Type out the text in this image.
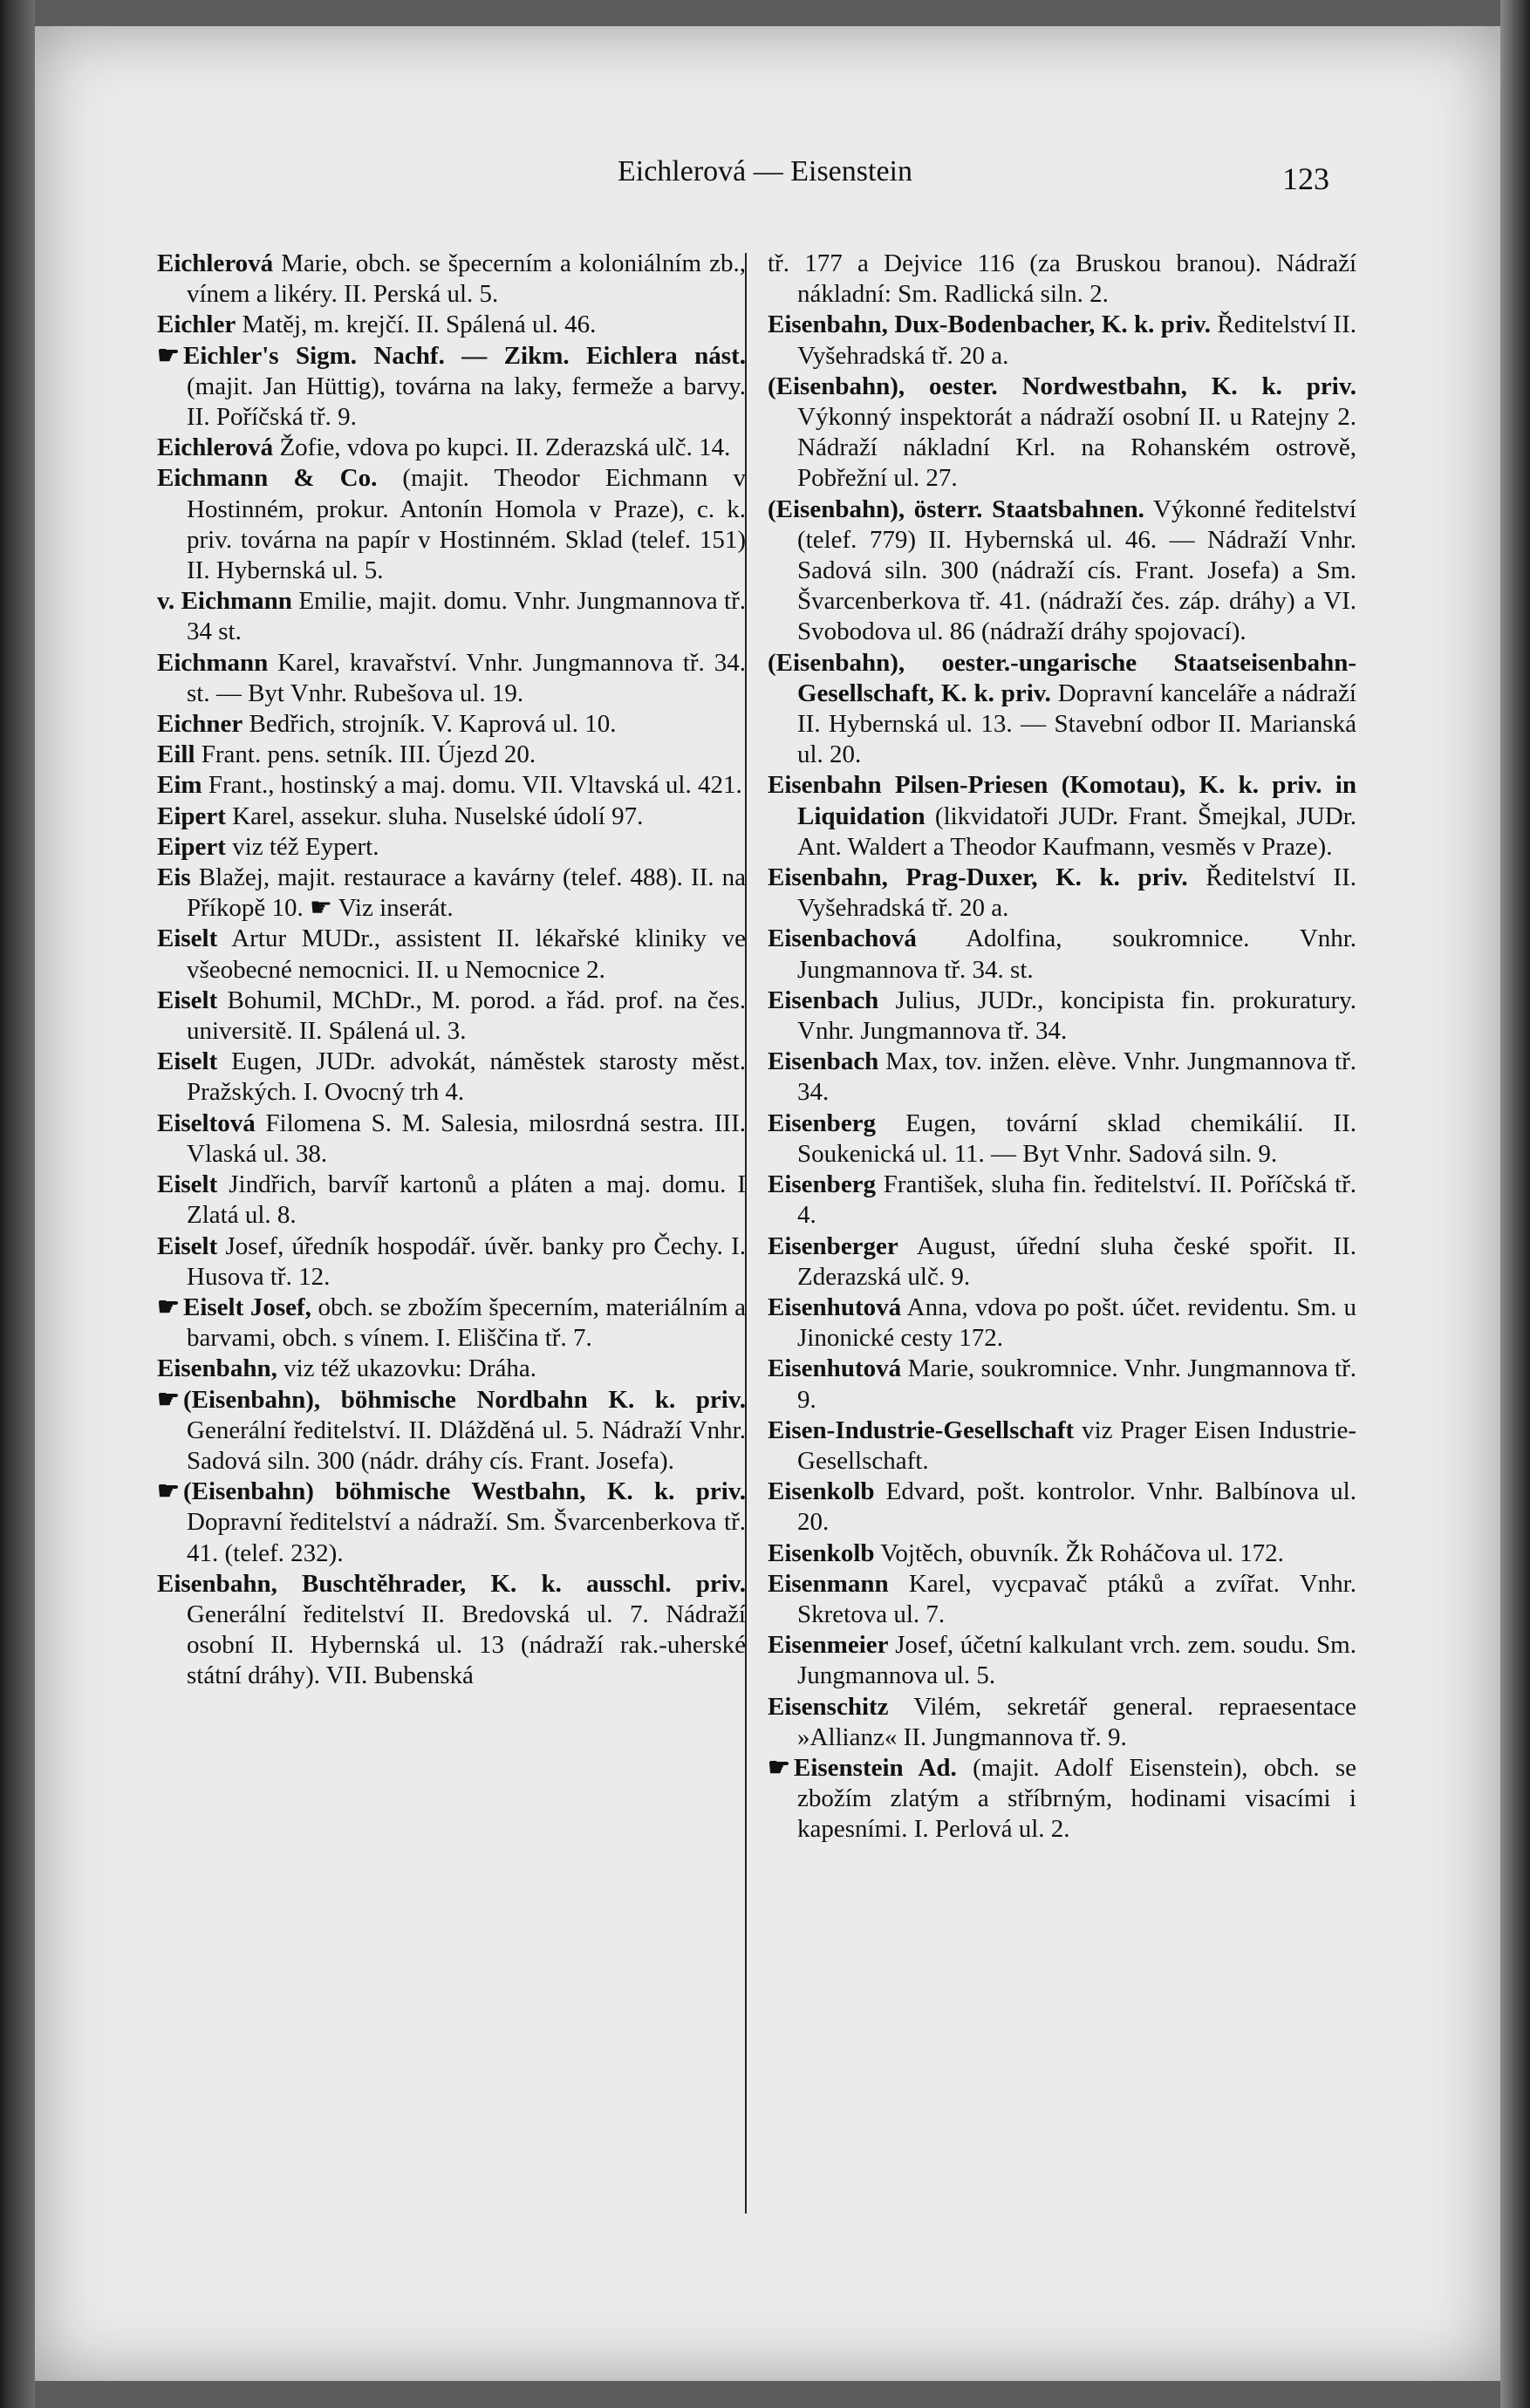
Eichlerová — Eisenstein	123

Eichlerová Marie, obch. se špecerním a koloniálním zb., vínem a likéry. II. Perská ul. 5.

Eichler Matěj, m. krejčí. II. Spálená ul. 46.

☛ Eichler's Sigm. Nachf. — Zikm. Eichlera nást. (majit. Jan Hüttig), továrna na laky, fermeže a barvy. II. Poříčská tř. 9.

Eichlerová Žofie, vdova po kupci. II. Zderazská ulč. 14.

Eichmann & Co. (majit. Theodor Eichmann v Hostinném, prokur. Antonín Homola v Praze), c. k. priv. továrna na papír v Hostinném. Sklad (telef. 151) II. Hybernská ul. 5.

v. Eichmann Emilie, majit. domu. Vnhr. Jungmannova tř. 34 st.

Eichmann Karel, kravařství. Vnhr. Jungmannova tř. 34. st. — Byt Vnhr. Rubešova ul. 19.

Eichner Bedřich, strojník. V. Kaprová ul. 10.

Eill Frant. pens. setník. III. Újezd 20.

Eim Frant., hostinský a maj. domu. VII. Vltavská ul. 421.

Eipert Karel, assekur. sluha. Nuselské údolí 97.

Eipert viz též Eypert.

Eis Blažej, majit. restaurace a kavárny (telef. 488). II. na Příkopě 10. ☛ Viz inserát.

Eiselt Artur MUDr., assistent II. lékařské kliniky ve všeobecné nemocnici. II. u Nemocnice 2.

Eiselt Bohumil, MChDr., M. porod. a řád. prof. na čes. universitě. II. Spálená ul. 3.

Eiselt Eugen, JUDr. advokát, náměstek starosty měst. Pražských. I. Ovocný trh 4.

Eiseltová Filomena S. M. Salesia, milosrdná sestra. III. Vlaská ul. 38.

Eiselt Jindřich, barvíř kartonů a pláten a maj. domu. I Zlatá ul. 8.

Eiselt Josef, úředník hospodář. úvěr. banky pro Čechy. I. Husova tř. 12.

☛ Eiselt Josef, obch. se zbožím špecerním, materiálním a barvami, obch. s vínem. I. Eliščina tř. 7.

Eisenbahn, viz též ukazovku: Dráha.

☛ (Eisenbahn), böhmische Nordbahn K. k. priv. Generální ředitelství. II. Dlážděná ul. 5. Nádraží Vnhr. Sadová siln. 300 (nádr. dráhy cís. Frant. Josefa).

☛ (Eisenbahn) böhmische Westbahn, K. k. priv. Dopravní ředitelství a nádraží. Sm. Švarcenberkova tř. 41. (telef. 232).

Eisenbahn, Buschtěhrader, K. k. ausschl. priv. Generální ředitelství II. Bredovská ul. 7. Nádraží osobní II. Hybernská ul. 13 (nádraží rak.-uherské státní dráhy). VII. Bubenská

tř. 177 a Dejvice 116 (za Bruskou branou). Nádraží nákladní: Sm. Radlická siln. 2.

Eisenbahn, Dux-Bodenbacher, K. k. priv. Ředitelství II. Vyšehradská tř. 20 a.

(Eisenbahn), oester. Nordwestbahn, K. k. priv. Výkonný inspektorát a nádraží osobní II. u Ratejny 2. Nádraží nákladní Krl. na Rohanském ostrově, Pobřežní ul. 27.

(Eisenbahn), österr. Staatsbahnen. Výkonné ředitelství (telef. 779) II. Hybernská ul. 46. — Nádraží Vnhr. Sadová siln. 300 (nádraží cís. Frant. Josefa) a Sm. Švarcenberkova tř. 41. (nádraží čes. záp. dráhy) a VI. Svobodova ul. 86 (nádraží dráhy spojovací).

(Eisenbahn), oester.-ungarische Staatseisenbahn-Gesellschaft, K. k. priv. Dopravní kanceláře a nádraží II. Hybernská ul. 13. — Stavební odbor II. Marianská ul. 20.

Eisenbahn Pilsen-Priesen (Komotau), K. k. priv. in Liquidation (likvidatoři JUDr. Frant. Šmejkal, JUDr. Ant. Waldert a Theodor Kaufmann, vesměs v Praze).

Eisenbahn, Prag-Duxer, K. k. priv. Ředitelství II. Vyšehradská tř. 20 a.

Eisenbachová Adolfina, soukromnice. Vnhr. Jungmannova tř. 34. st.

Eisenbach Julius, JUDr., koncipista fin. prokuratury. Vnhr. Jungmannova tř. 34.

Eisenbach Max, tov. inžen. elève. Vnhr. Jungmannova tř. 34.

Eisenberg Eugen, tovární sklad chemikálií. II. Soukenická ul. 11. — Byt Vnhr. Sadová siln. 9.

Eisenberg František, sluha fin. ředitelství. II. Poříčská tř. 4.

Eisenberger August, úřední sluha české spořit. II. Zderazská ulč. 9.

Eisenhutová Anna, vdova po pošt. účet. revidentu. Sm. u Jinonické cesty 172.

Eisenhutová Marie, soukromnice. Vnhr. Jungmannova tř. 9.

Eisen-Industrie-Gesellschaft viz Prager Eisen Industrie-Gesellschaft.

Eisenkolb Edvard, pošt. kontrolor. Vnhr. Balbínova ul. 20.

Eisenkolb Vojtěch, obuvník. Žk Roháčova ul. 172.

Eisenmann Karel, vycpavač ptáků a zvířat. Vnhr. Skretova ul. 7.

Eisenmeier Josef, účetní kalkulant vrch. zem. soudu. Sm. Jungmannova ul. 5.

Eisenschitz Vilém, sekretář general. repraesentace »Allianz« II. Jungmannova tř. 9.

☛ Eisenstein Ad. (majit. Adolf Eisenstein), obch. se zbožím zlatým a stříbrným, hodinami visacími i kapesními. I. Perlová ul. 2.
